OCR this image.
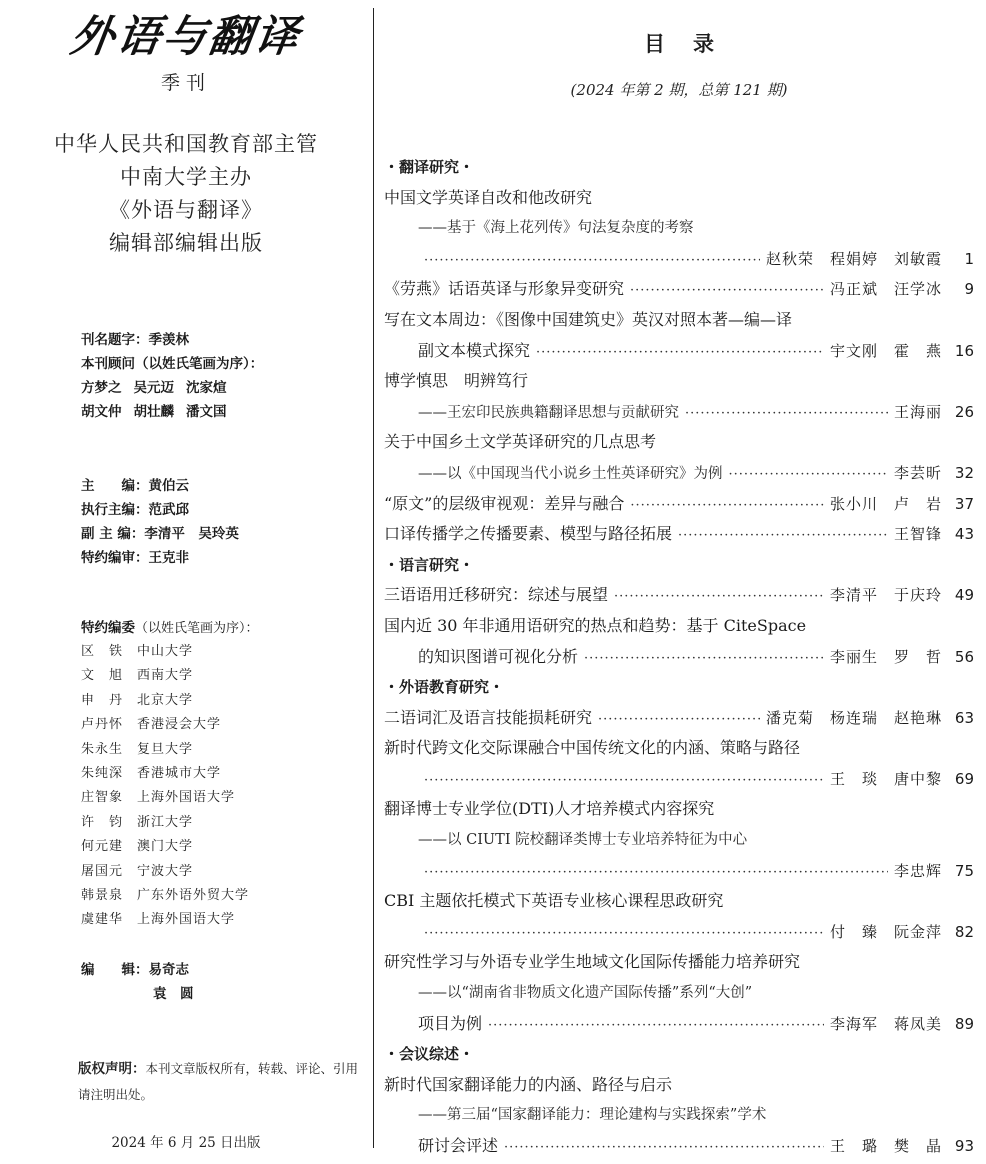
外语与翻译
季刊
中华人民共和国教育部主管
中南大学主办
《外语与翻译》
编辑部编辑出版
刊名题字：季羡林
本刊顾问（以姓氏笔画为序）：
方梦之 吴元迈 沈家煊
胡文仲 胡壮麟 潘文国
主　　编：黄伯云
执行主编：范武邱
副 主 编：李清平　吴玲英
特约编审：王克非
特约编委（以姓氏笔画为序）：
区　铁 中山大学
文　旭 西南大学
申　丹 北京大学
卢丹怀 香港浸会大学
朱永生 复旦大学
朱纯深 香港城市大学
庄智象 上海外国语大学
许　钧 浙江大学
何元建 澳门大学
屠国元 宁波大学
韩景泉 广东外语外贸大学
虞建华 上海外国语大学
编　　辑：易奇志
袁　圆
版权声明：本刊文章版权所有，转载、评论、引用请注明出处。
2024 年 6 月 25 日出版
目录
(2024 年第 2 期，总第 121 期)
・翻译研究・
中国文学英译自改和他改研究
——基于《海上花列传》句法复杂度的考察
·····
赵秋荣　程娟婷　刘敏霞	1
《劳燕》话语英译与形象异变研究 ·····	冯正斌　汪学冰	9
写在文本周边：《图像中国建筑史》英汉对照本著—编—译
副文本模式探究 ·····	宇文刚　霍　燕 16
博学慎思　明辨笃行
——王宏印民族典籍翻译思想与贡献研究 ·····	王海丽 26
关于中国乡土文学英译研究的几点思考
——以《中国现当代小说乡土性英译研究》为例 ·····	李芸昕 32
“原文”的层级审视观：差异与融合 ·····	张小川　卢　岩 37
口译传播学之传播要素、模型与路径拓展 ·····	王智锋 43
・语言研究・
三语语用迁移研究：综述与展望 ·····	李清平　于庆玲 49
国内近 30 年非通用语研究的热点和趋势：基于 CiteSpace
的知识图谱可视化分析 ·····	李丽生　罗　哲 56
・外语教育研究・
二语词汇及语言技能损耗研究 ·····	潘克菊　杨连瑞　赵艳琳 63
新时代跨文化交际课融合中国传统文化的内涵、策略与路径
·····
王　琰　唐中黎 69
翻译博士专业学位(DTI)人才培养模式内容探究
——以 CIUTI 院校翻译类博士专业培养特征为中心
·····
李忠辉 75
CBI 主题依托模式下英语专业核心课程思政研究
·····
付　臻　阮金萍 82
研究性学习与外语专业学生地域文化国际传播能力培养研究
——以“湖南省非物质文化遗产国际传播”系列“大创”
项目为例 ·····	李海军　蒋凤美 89
・会议综述・
新时代国家翻译能力的内涵、路径与启示
——第三届“国家翻译能力：理论建构与实践探索”学术
研讨会评述 ·····	王　璐　樊　晶 93
